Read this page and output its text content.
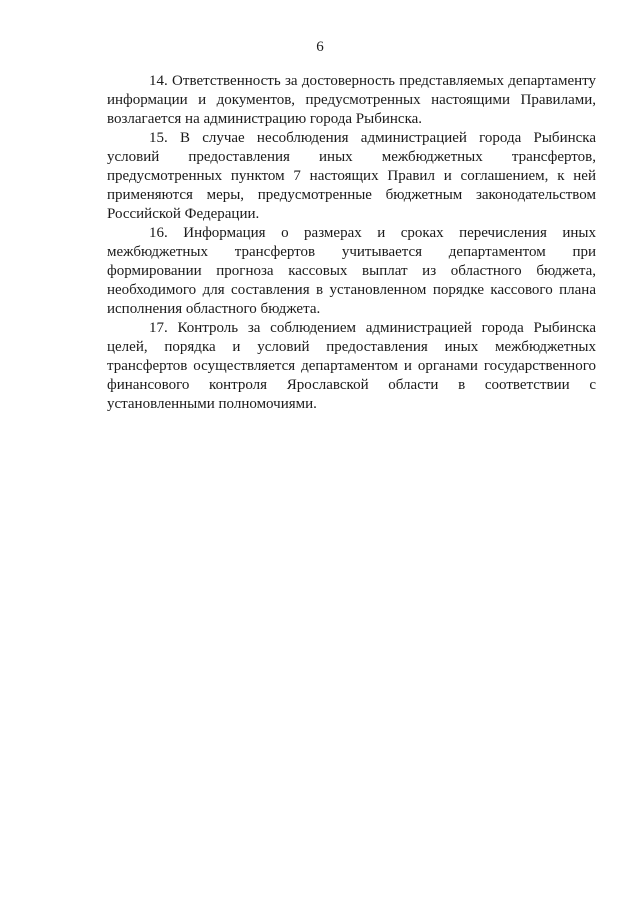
6

14. Ответственность за достоверность представляемых департаменту информации и документов, предусмотренных настоящими Правилами, возлагается на администрацию города Рыбинска.

15. В случае несоблюдения администрацией города Рыбинска условий предоставления иных межбюджетных трансфертов, предусмотренных пунктом 7 настоящих Правил и соглашением, к ней применяются меры, предусмотренные бюджетным законодательством Российской Федерации.

16. Информация о размерах и сроках перечисления иных межбюджетных трансфертов учитывается департаментом при формировании прогноза кассовых выплат из областного бюджета, необходимого для составления в установленном порядке кассового плана исполнения областного бюджета.

17. Контроль за соблюдением администрацией города Рыбинска целей, порядка и условий предоставления иных межбюджетных трансфертов осуществляется департаментом и органами государственного финансового контроля Ярославской области в соответствии с установленными полномочиями.
